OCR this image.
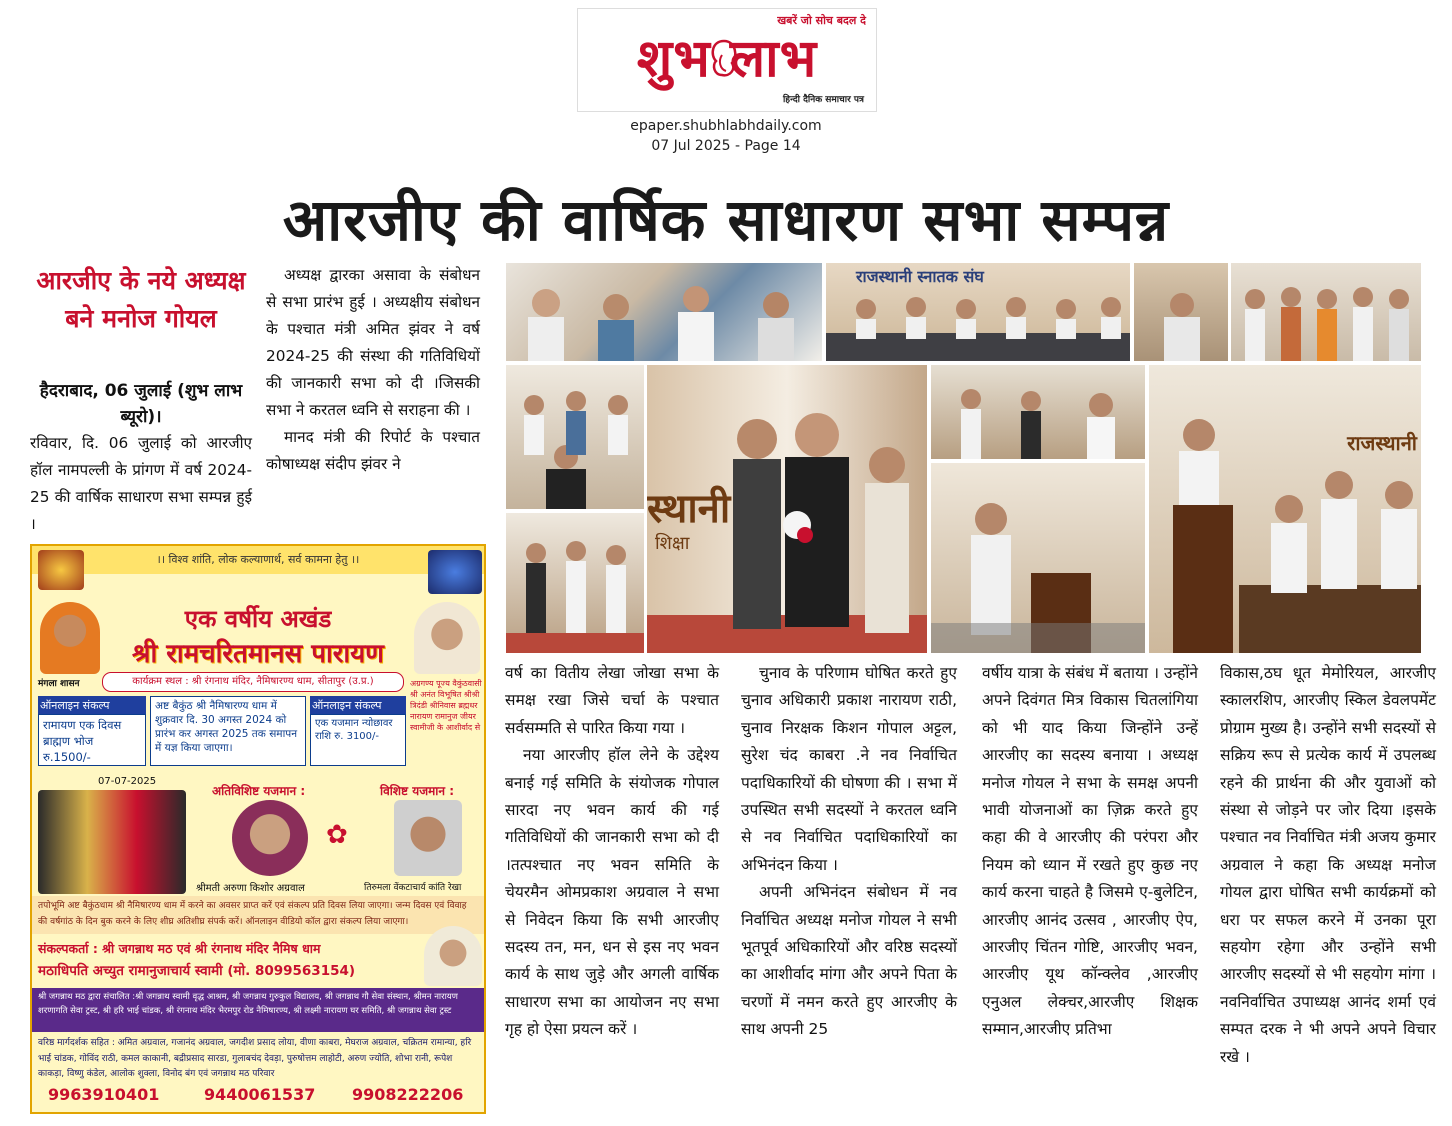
खबरें जो सोच बदल दे
शुभ लाभ
हिन्दी दैनिक समाचार पत्र
epaper.shubhlabhdaily.com
07 Jul 2025 - Page 14
आरजीए की वार्षिक साधारण सभा सम्पन्न
आरजीए के नये अध्यक्ष बने मनोज गोयल
हैदराबाद, 06 जुलाई (शुभ लाभ ब्यूरो)।
रविवार, दि. 06 जुलाई को आरजीए हॉल नामपल्ली के प्रांगण में वर्ष 2024-25 की वार्षिक साधारण सभा सम्पन्न हुई ।

अध्यक्ष द्वारका असावा के संबोधन से सभा प्रारंभ हुई । अध्यक्षीय संबोधन के पश्चात मंत्री अमित झंवर ने वर्ष 2024-25 की संस्था की गतिविधियों की जानकारी सभा को दी ।जिसकी सभा ने करतल ध्वनि से सराहना की ।

मानद मंत्री की रिपोर्ट के पश्चात कोषाध्यक्ष संदीप झंवर ने

राजस्थानी स्नातक संघ
स्थानी
शिक्षा
राजस्थानी
।। विश्व शांति, लोक कल्याणार्थ, सर्व कामना हेतु ।।
एक वर्षीय अखंड
श्री रामचरितमानस पारायण
मंगला शासन	कार्यक्रम स्थल : श्री रंगनाथ मंदिर, नैमिषारण्य धाम, सीतापुर (उ.प्र.)
ऑनलाइन संकल्प
रामायण एक दिवस ब्राह्मण भोज रु.1500/-
अष्ट बैकुंठ श्री नैमिषारण्य धाम में शुक्रवार दि. 30 अगस्त 2024 को प्रारंभ कर अगस्त 2025 तक समापन में यज्ञ किया जाएगा।
ऑनलाइन संकल्प
एक यजमान न्योछावर राशि रु. 3100/-
अग्रगण्य पूज्य वैकुंठवासी श्री अनंत विभूषित श्रीश्री त्रिदंडी श्रीनिवास ब्रह्मधर नारायण रामानुज जीयर स्वामीजी के आशीर्वाद से
07-07-2025
अतिविशिष्ट यजमान :
श्रीमती अरुणा किशोर अग्रवाल
✿
विशिष्ट यजमान :
तिरुमला वेंकटाचार्य कांति रेखा
तपोभूमि अष्ट बैकुंठधाम श्री नैमिषारण्य धाम में करने का अवसर प्राप्त करें एवं संकल्प प्रति दिवस लिया जाएगा। जन्म दिवस एवं विवाह की वर्षगांठ के दिन बुक करने के लिए शीघ्र अतिशीघ्र संपर्क करें। ऑनलाइन वीडियो कॉल द्वारा संकल्प लिया जाएगा।
संकल्पकर्ता : श्री जगन्नाथ मठ एवं श्री रंगनाथ मंदिर नैमिष धाम
मठाधिपति अच्युत रामानुजाचार्य स्वामी (मो. 8099563154)
श्री जगन्नाथ मठ द्वारा संचालित :श्री जगन्नाथ स्वामी वृद्ध आश्रम, श्री जगन्नाथ गुरुकुल विद्यालय, श्री जगन्नाथ गौ सेवा संस्थान, श्रीमन नारायण शरणागति सेवा ट्रस्ट, श्री हरि भाई चांडक, श्री रंगनाथ मंदिर भैरमपुर रोड नैमिषारण्य, श्री लक्ष्मी नारायण घर समिति, श्री जगन्नाथ सेवा ट्रस्ट
वरिष्ठ मार्गदर्शक सहित : अमित अग्रवाल, गजानंद अग्रवाल, जगदीश प्रसाद लोया, वीणा काबरा, मेघराज अग्रवाल, चक्रितम रामान्या, हरि भाई चांडक, गोविंद राठी, कमल काकानी, बद्रीप्रसाद सारडा, गुलाबचंद देवड़ा, पुरुषोत्तम लाहोटी, अरुण ज्योति, शोभा रानी, रूपेश काकड़ा, विष्णु कंडेल, आलोक शुक्ला, विनोद बंग एवं जगन्नाथ मठ परिवार
9963910401	9440061537 9908222206

वर्ष का वितीय लेखा जोखा सभा के समक्ष रखा जिसे चर्चा के पश्चात सर्वसम्मति से पारित किया गया ।

नया आरजीए हॉल लेने के उद्देश्य बनाई गई समिति के संयोजक गोपाल सारदा नए भवन कार्य की गई गतिविधियों की जानकारी सभा को दी ।तत्पश्चात नए भवन समिति के चेयरमैन ओमप्रकाश अग्रवाल ने सभा से निवेदन किया कि सभी आरजीए सदस्य तन, मन, धन से इस नए भवन कार्य के साथ जुड़े और अगली वार्षिक साधारण सभा का आयोजन नए सभा गृह हो ऐसा प्रयत्न करें ।

चुनाव के परिणाम घोषित करते हुए चुनाव अधिकारी प्रकाश नारायण राठी, चुनाव निरक्षक किशन गोपाल अट्टल, सुरेश चंद काबरा .ने नव निर्वाचित पदाधिकारियों की घोषणा की । सभा में उपस्थित सभी सदस्यों ने करतल ध्वनि से नव निर्वाचित पदाधिकारियों का अभिनंदन किया ।

अपनी अभिनंदन संबोधन में नव निर्वाचित अध्यक्ष मनोज गोयल ने सभी भूतपूर्व अधिकारियों और वरिष्ठ सदस्यों का आशीर्वाद मांगा और अपने पिता के चरणों में नमन करते हुए आरजीए के साथ अपनी 25

वर्षीय यात्रा के संबंध में बताया । उन्होंने अपने दिवंगत मित्र विकास चितलांगिया को भी याद किया जिन्होंने उन्हें आरजीए का सदस्य बनाया । अध्यक्ष मनोज गोयल ने सभा के समक्ष अपनी भावी योजनाओं का ज़िक्र करते हुए कहा की वे आरजीए की परंपरा और नियम को ध्यान में रखते हुए कुछ नए कार्य करना चाहते है जिसमे ए-बुलेटिन, आरजीए आनंद उत्सव , आरजीए ऐप, आरजीए चिंतन गोष्टि, आरजीए भवन, आरजीए यूथ कॉन्क्लेव ,आरजीए एनुअल लेक्चर,आरजीए शिक्षक सम्मान,आरजीए प्रतिभा

विकास,ठघ धूत मेमोरियल, आरजीए स्कालरशिप, आरजीए स्किल डेवलपमेंट प्रोग्राम मुख्य है। उन्होंने सभी सदस्यों से सक्रिय रूप से प्रत्येक कार्य में उपलब्ध रहने की प्रार्थना की और युवाओं को संस्था से जोड़ने पर जोर दिया ।इसके पश्चात नव निर्वाचित मंत्री अजय कुमार अग्रवाल ने कहा कि अध्यक्ष मनोज गोयल द्वारा घोषित सभी कार्यक्रमों को धरा पर सफल करने में उनका पूरा सहयोग रहेगा और उन्होंने सभी आरजीए सदस्यों से भी सहयोग मांगा । नवनिर्वाचित उपाध्यक्ष आनंद शर्मा एवं सम्पत दरक ने भी अपने अपने विचार रखे ।
